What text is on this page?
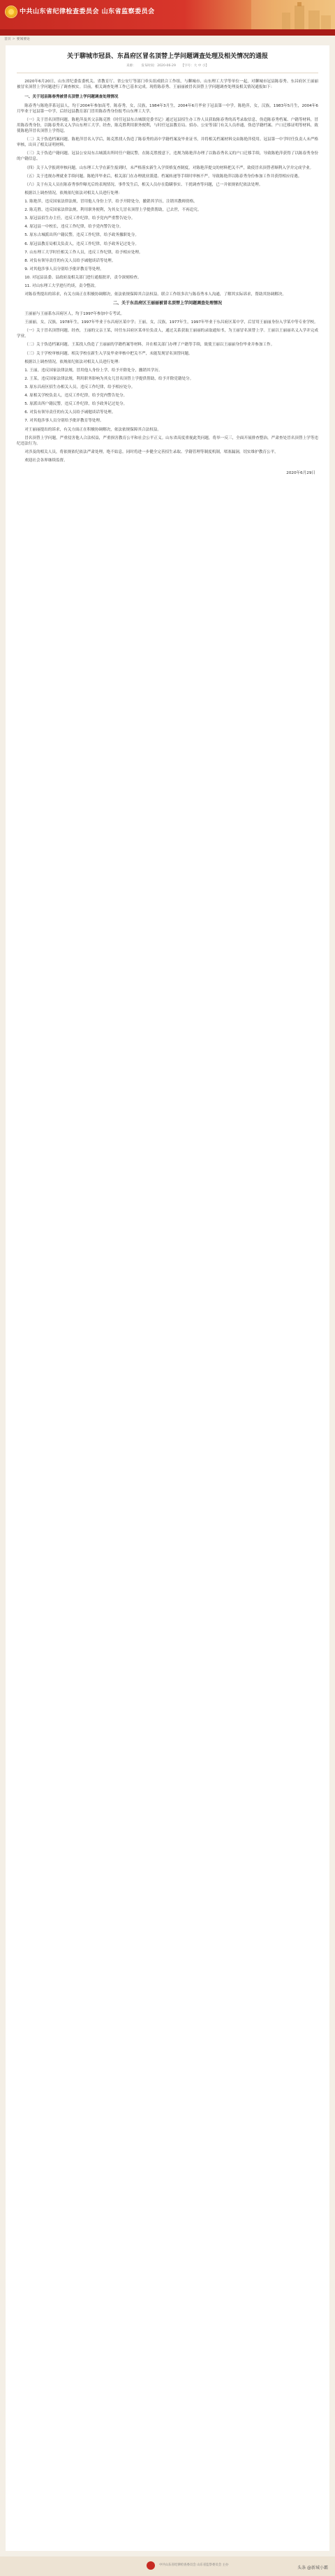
中共山东省纪律检查委员会 山东省监察委员会
首页 > 要闻要论
关于聊城市冠县、东昌府区冒名顶替上学问题调查处理及相关情况的通报
来源： 发布时间：2020-06-29 【字号：大 中 小】

2020年6月20日，山东省纪委监委机关、省教育厅、省公安厅等部门牵头组成联合工作组，与聊城市、山东理工大学等单位一起，对聊城市冠县陈春秀、东昌府区王丽丽被冒名顶替上学问题进行了调查核实。目前，相关调查处理工作已基本完成。现将陈春秀、王丽丽被冒名顶替上学问题调查处理及相关情况通报如下：

一、关于冠县陈春秀被冒名顶替上学问题调查处理情况

陈春秀与陈艳萍系冠县人，均于2004年参加高考。陈春秀，女，汉族，1984年3月生，2004年6月毕业于冠县第一中学。陈艳萍，女，汉族，1983年5月生，2004年6月毕业于冠县第一中学，后经冠县教育部门冒用陈春秀身份报考山东理工大学。

（一）关于冒名顶替问题。陈艳萍及其父亲陈克胜（时任冠县东古城镇党委书记）通过冠县招生办工作人员获取陈春秀的高考录取信息，伪造陈春秀档案、户籍等材料，冒用陈春秀身份，以陈春秀名义入学山东理工大学。经查，陈克胜利用职务便利，与时任冠县教育局、招办、公安等部门有关人员串通，伪造学籍档案、户口迁移证明等材料，致使陈艳萍冒名顶替上学得逞。

（二）关于伪造档案问题。陈艳萍冒名入学后，陈克胜找人伪造了陈春秀的高中学籍档案及毕业证书，并将相关档案材料交由陈艳萍使用。冠县第一中学时任负责人未严格审核，出具了相关证明材料。

（三）关于伪造户籍问题。冠县公安局东古城派出所时任户籍民警，在陈克胜授意下，违规为陈艳萍办理了以陈春秀名义的户口迁移手续，导致陈艳萍获得了以陈春秀身份的户籍信息。

（四）关于入学报到审核问题。山东理工大学在新生报到时，未严格落实新生入学资格复查制度，对陈艳萍提交的材料把关不严，致使冒名顶替者顺利入学并完成学业。

（五）关于违规办理就业手续问题。陈艳萍毕业后，相关部门在办理就业派遣、档案转递等手续时审核不严，导致陈艳萍以陈春秀身份参加工作并获得相应待遇。

（六）关于有关人员在陈春秀事件曝光后的表现情况。事件发生后，相关人员存在隐瞒事实、干扰调查等问题，已一并依规依纪依法处理。

根据以上调查情况，依规依纪依法对相关人员进行处理：

1. 陈艳萍，违反国家法律法规，冒用他人身份上学，给予开除处分，撤销其学历，注销其教师资格。

2. 陈克胜，违反国家法律法规，利用职务便利，为其女儿冒名顶替上学提供帮助，已去世，不再追究。

3. 原冠县招生办主任，违反工作纪律，给予党内严重警告处分。

4. 原冠县一中校长，违反工作纪律，给予党内警告处分。

5. 原东古城派出所户籍民警，违反工作纪律，给予政务撤职处分。

6. 原冠县教育局相关负责人，违反工作纪律，给予政务记过处分。

7. 山东理工大学时任相关工作人员，违反工作纪律，给予相应处理。

8. 对负有领导责任的有关人员给予诫勉谈话等处理。

9. 对其他涉事人员分别给予批评教育等处理。

10. 对冠县县委、县政府及相关部门进行通报批评，责令深刻检查。

11. 对山东理工大学进行约谈，责令整改。

对陈春秀提出的诉求，有关方面正在积极协调解决，依法依规保障其合法权益。联合工作组多次与陈春秀本人沟通，了解其实际诉求，帮助其协调解决。

二、关于东昌府区王丽丽被冒名顶替上学问题调查处理情况

王丽丽与王丽系东昌府区人，均于1997年参加中专考试。

王丽丽，女，汉族，1978年生，1997年毕业于东昌府区某中学；王丽，女，汉族，1977年生，1997年毕业于东昌府区某中学，后冒用王丽丽身份入学某中等专业学校。

（一）关于冒名顶替问题。经查，王丽的父亲王某，时任东昌府区某单位负责人，通过关系获取王丽丽的录取通知书，为王丽冒名顶替上学。王丽以王丽丽名义入学并完成学业。

（二）关于伪造档案问题。王某找人伪造了王丽丽的学籍档案等材料，并在相关部门办理了户籍等手续，致使王丽以王丽丽身份毕业并参加工作。

（三）关于学校审核问题。相关学校在新生入学及毕业审核中把关不严，未能发现冒名顶替问题。

根据以上调查情况，依规依纪依法对相关人员进行处理：

1. 王丽，违反国家法律法规，冒用他人身份上学，给予开除处分，撤销其学历。

2. 王某，违反国家法律法规，利用职务影响为其女儿冒名顶替上学提供帮助，给予开除党籍处分。

3. 原东昌府区招生办相关人员，违反工作纪律，给予相应处分。

4. 原相关学校负责人，违反工作纪律，给予党内警告处分。

5. 原派出所户籍民警，违反工作纪律，给予政务记过处分。

6. 对负有领导责任的有关人员给予诫勉谈话等处理。

7. 对其他涉事人员分别给予批评教育等处理。

对王丽丽提出的诉求，有关方面正在积极协调解决，依法依规保障其合法权益。

冒名顶替上学问题，严重侵害他人合法权益，严重损害教育公平和社会公平正义。山东省高度重视此类问题，将举一反三，全面开展排查整治，严肃查处冒名顶替上学等违纪违法行为。

对涉及的相关人员，将依规依纪依法严肃处理，绝不姑息。同时将进一步健全完善招生录取、学籍管理等制度机制，堵塞漏洞，切实维护教育公平。

欢迎社会各界继续监督。

2020年6月29日

中共山东省纪律检查委员会 山东省监察委员会 主办
头条 @新城小霸
